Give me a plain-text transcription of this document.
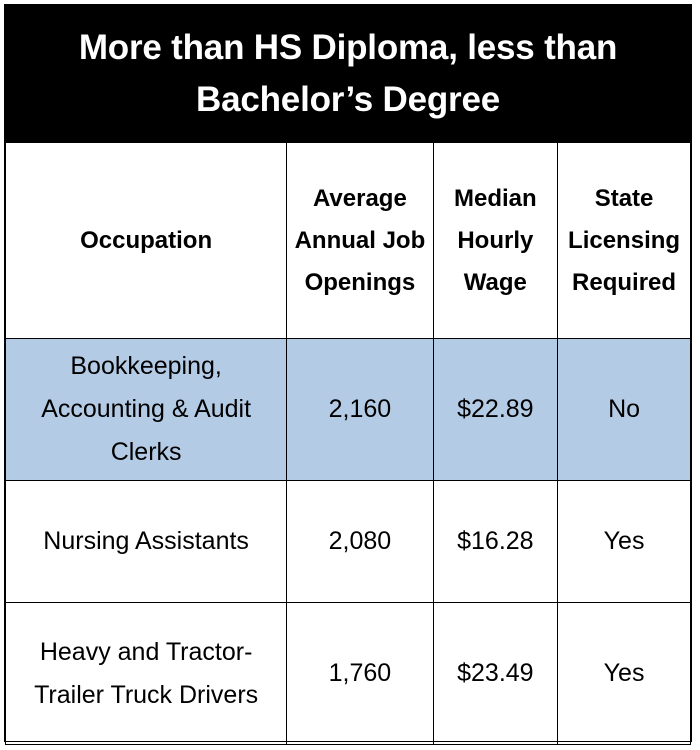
More than HS Diploma, less than Bachelor’s Degree
Occupation	Average Annual Job Openings	Median Hourly Wage	State Licensing Required
Bookkeeping, Accounting & Audit Clerks	2,160	$22.89	No
Nursing Assistants	2,080	$16.28	Yes
Heavy and Tractor-Trailer Truck Drivers	1,760	$23.49	Yes
